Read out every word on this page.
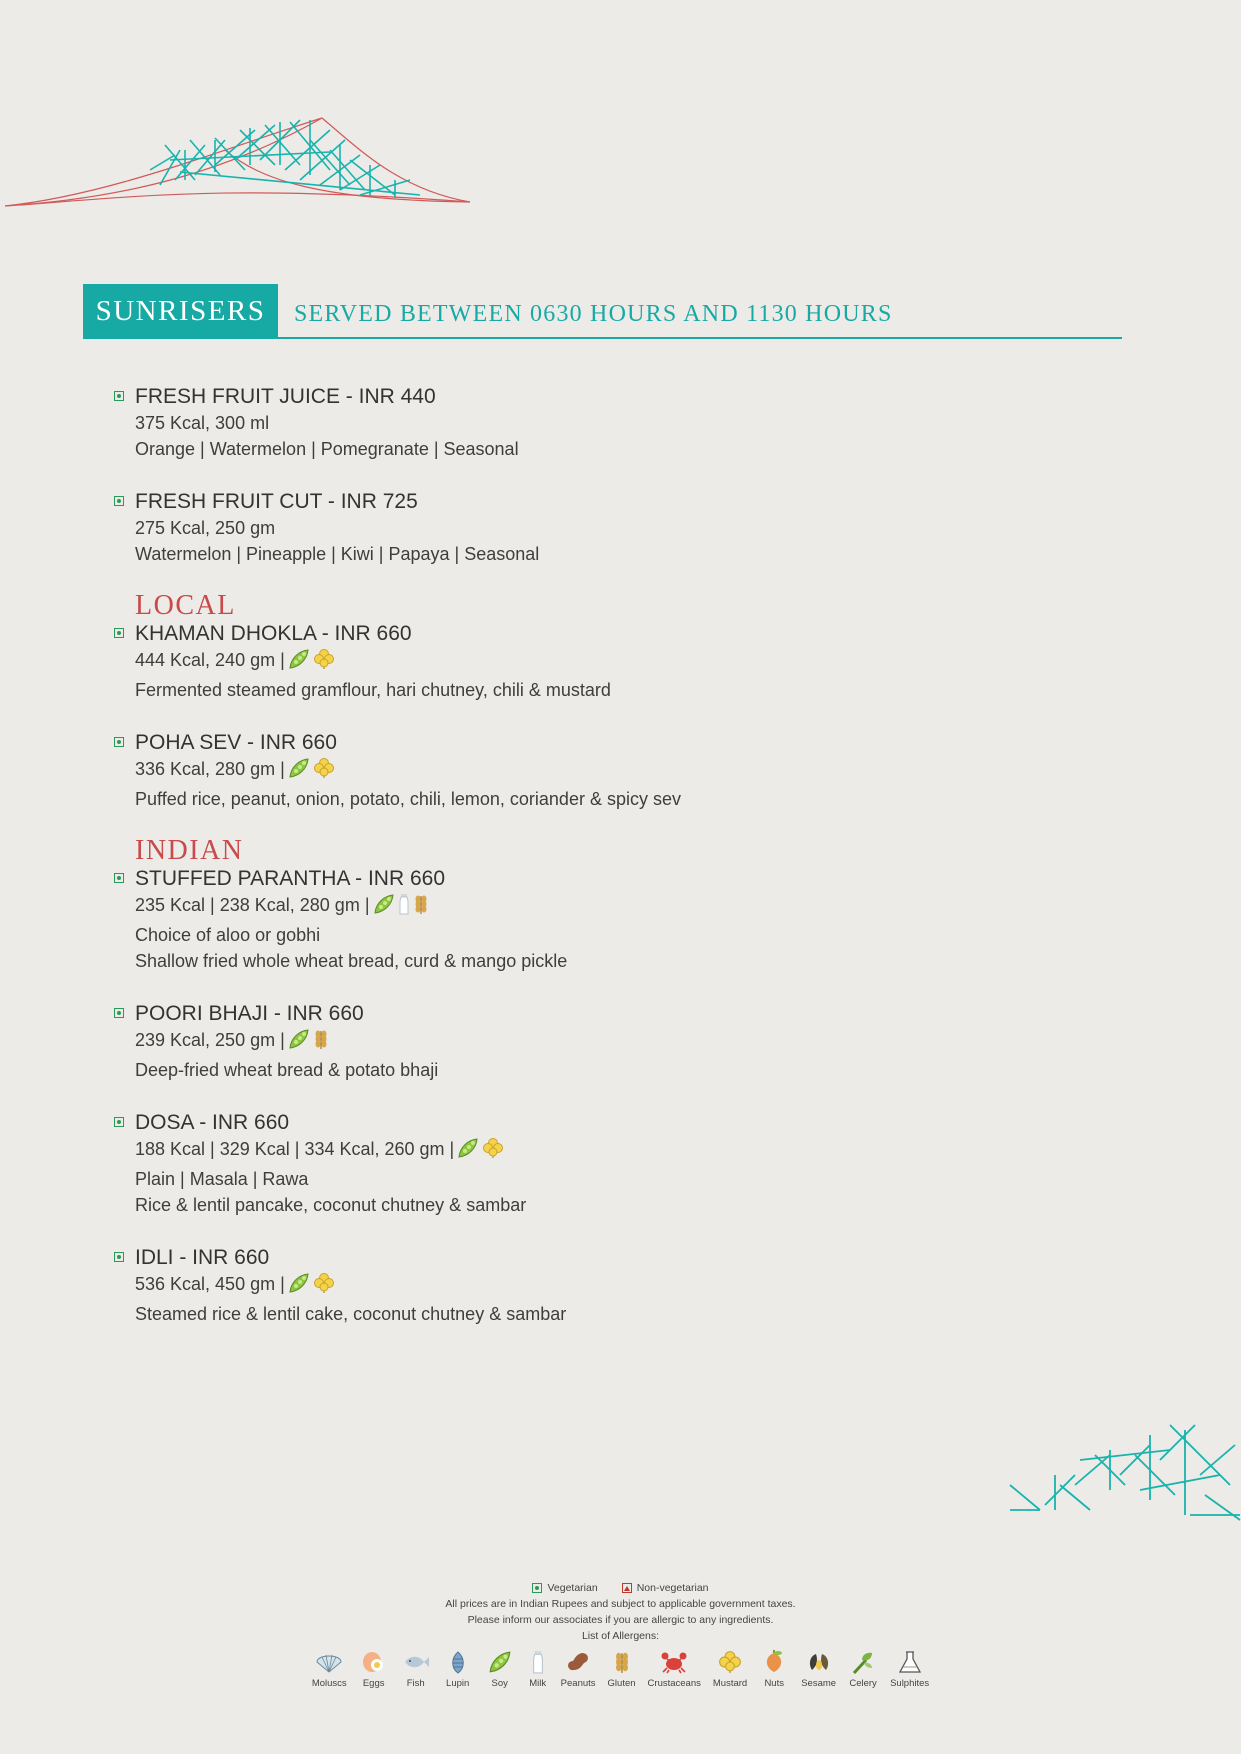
SUNRISERS	SERVED BETWEEN 0630 HOURS AND 1130 HOURS
FRESH FRUIT JUICE - INR 440
375 Kcal, 300 ml
Orange | Watermelon | Pomegranate | Seasonal
FRESH FRUIT CUT - INR 725
275 Kcal, 250 gm
Watermelon | Pineapple | Kiwi | Papaya | Seasonal
LOCAL
KHAMAN DHOKLA - INR 660
444 Kcal, 240 gm |
Fermented steamed gramflour, hari chutney, chili & mustard
POHA SEV - INR 660
336 Kcal, 280 gm |
Puffed rice, peanut, onion, potato, chili, lemon, coriander & spicy sev
INDIAN
STUFFED PARANTHA - INR 660
235 Kcal | 238 Kcal, 280 gm |
Choice of aloo or gobhi
Shallow fried whole wheat bread, curd & mango pickle
POORI BHAJI - INR 660
239 Kcal, 250 gm |
Deep-fried wheat bread & potato bhaji
DOSA - INR 660
188 Kcal | 329 Kcal | 334 Kcal, 260 gm |
Plain | Masala | Rawa
Rice & lentil pancake, coconut chutney & sambar
IDLI - INR 660
536 Kcal, 450 gm |
Steamed rice & lentil cake, coconut chutney & sambar
Vegetarian	Non-vegetarian
All prices are in Indian Rupees and subject to applicable government taxes.
Please inform our associates if you are allergic to any ingredients.
List of Allergens:
Moluscs Eggs Fish Lupin Soy Milk Peanuts Gluten Crustaceans Mustard Nuts Sesame Celery Sulphites
